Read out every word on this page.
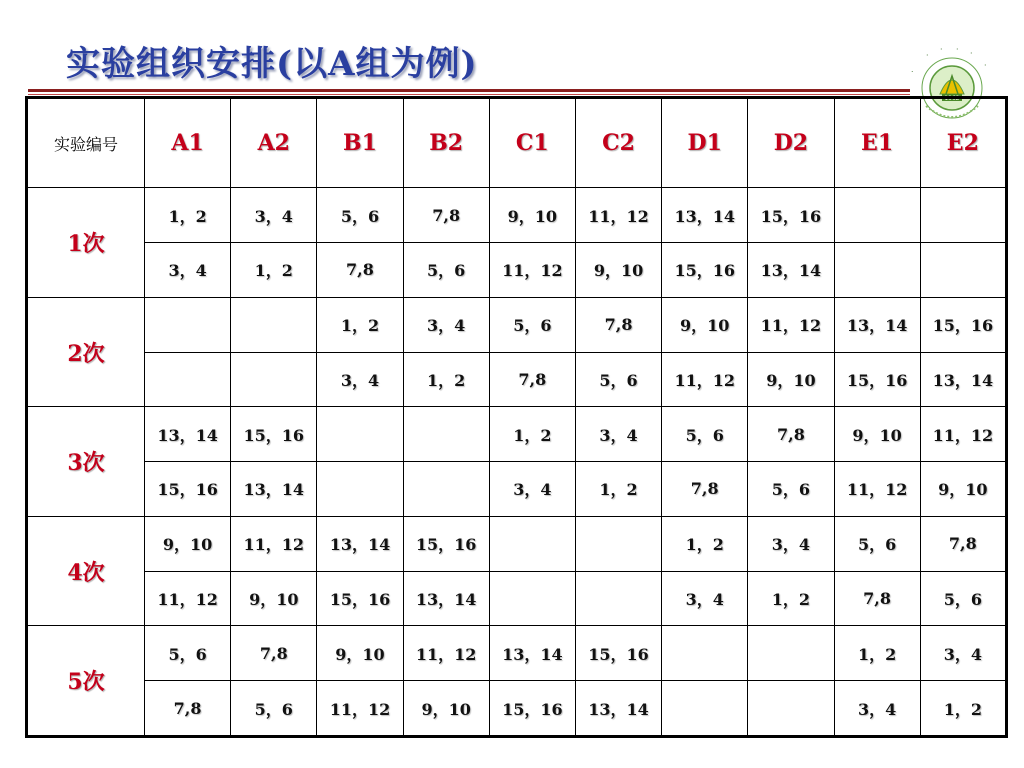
实验组织安排(以A组为例)	·
·
· · ·
·
1962
实验编号	A1	A2	B1	B2	C1	C2	D1	D2	E1	E2
1次	1，2	3，4	5，6	7,8	9，10	11，12	13，14	15，16		
	3，4	1，2	7,8	5，6	11，12	9，10	15，16	13，14		
2次			1，2	3，4	5，6	7,8	9，10	11，12	13，14	15，16
			3，4	1，2	7,8	5，6	11，12	9，10	15，16	13，14
3次	13，14	15，16			1，2	3，4	5，6	7,8	9，10	11，12
	15，16	13，14			3，4	1，2	7,8	5，6	11，12	9，10
4次	9，10	11，12	13，14	15，16			1，2	3，4	5，6	7,8
	11，12	9，10	15，16	13，14			3，4	1，2	7,8	5，6
5次	5，6	7,8	9，10	11，12	13，14	15，16			1，2	3，4
	7,8	5，6	11，12	9，10	15，16	13，14			3，4	1，2
